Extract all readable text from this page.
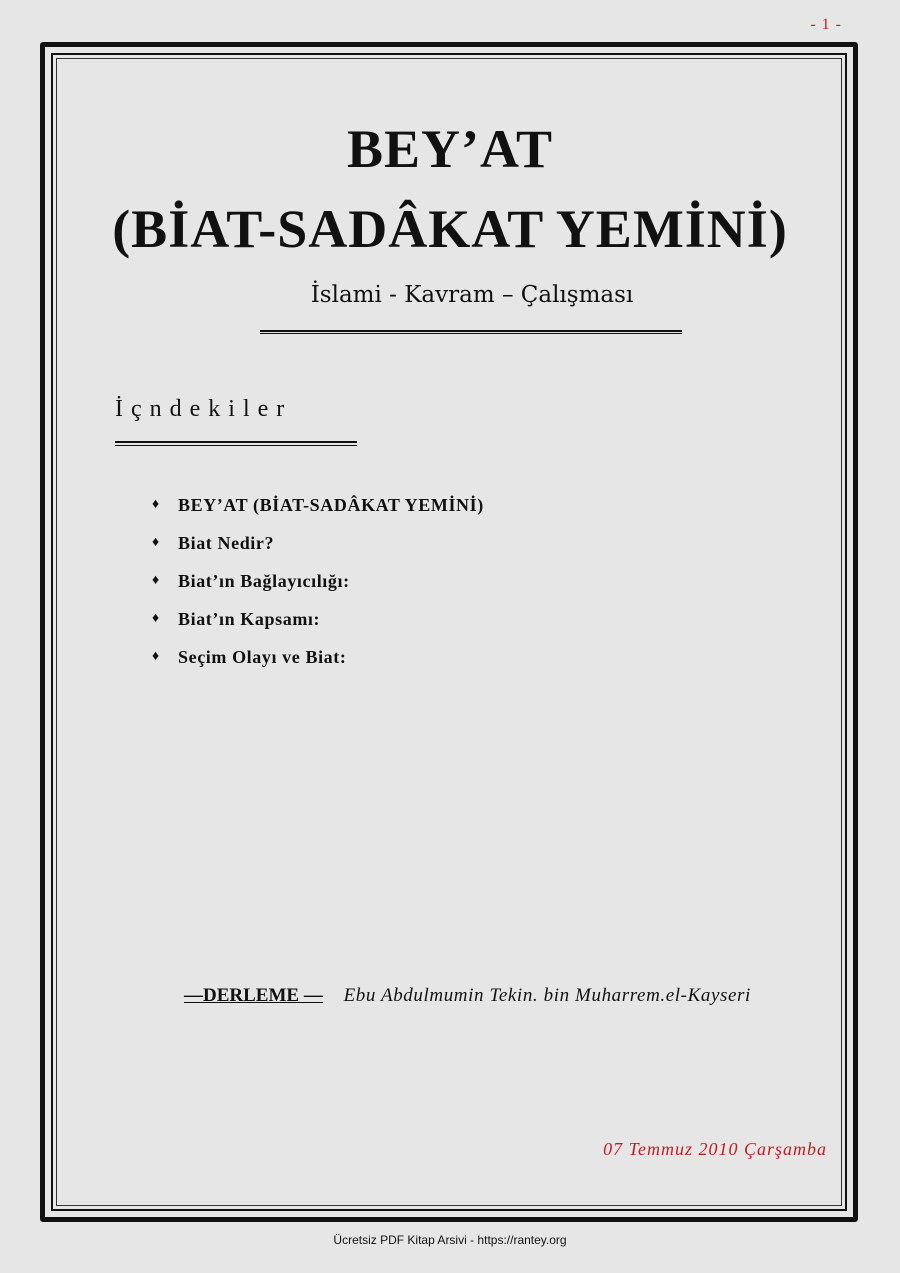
- 1 -
BEY’AT
(BİAT-SADÂKAT YEMİNİ)
İslami - Kavram – Çalışması
İçndekiler
♦	BEY’AT (BİAT-SADÂKAT YEMİNİ)
♦	Biat Nedir?
♦	Biat’ın Bağlayıcılığı:
♦	Biat’ın Kapsamı:
♦	Seçim Olayı ve Biat:
—DERLEME — Ebu Abdulmumin Tekin. bin Muharrem.el-Kayseri
07 Temmuz 2010 Çarşamba
Ücretsiz PDF Kitap Arsivi - https://rantey.org
